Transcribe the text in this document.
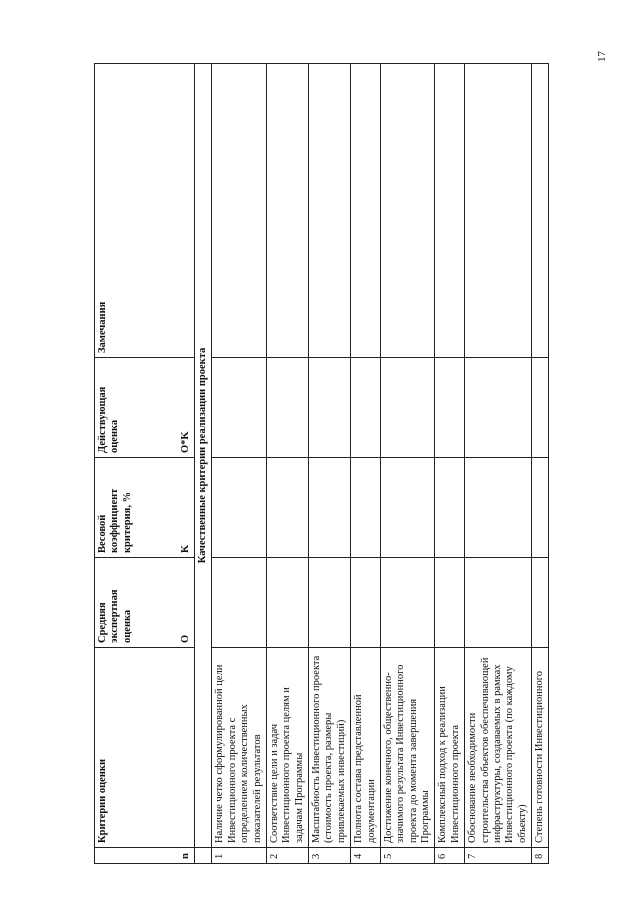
17
n	Критерии оценки	Средняя экспертная оценка O	Весовой коэффициент критерия, % K	Действующая оценка O*K	Замечания
	Качественные критерии реализации проекта				
1	Наличие четко сформулированной цели Инвестиционного проекта с определением количественных показателей результатов				
2	Соответствие цели и задач Инвестиционного проекта целям и задачам Программы				
3	Масштабность Инвестиционного проекта (стоимость проекта, размеры привлекаемых инвестиций)				
4	Полнота состава представленной документации				
5	Достижение конечного, общественно-значимого результата Инвестиционного проекта до момента завершения Программы				
6	Комплексный подход к реализации Инвестиционного проекта				
7	Обоснование необходимости строительства объектов обеспечивающей инфраструктуры, создаваемых в рамках Инвестиционного проекта (по каждому объекту)				
8	Степень готовности Инвестиционного				
